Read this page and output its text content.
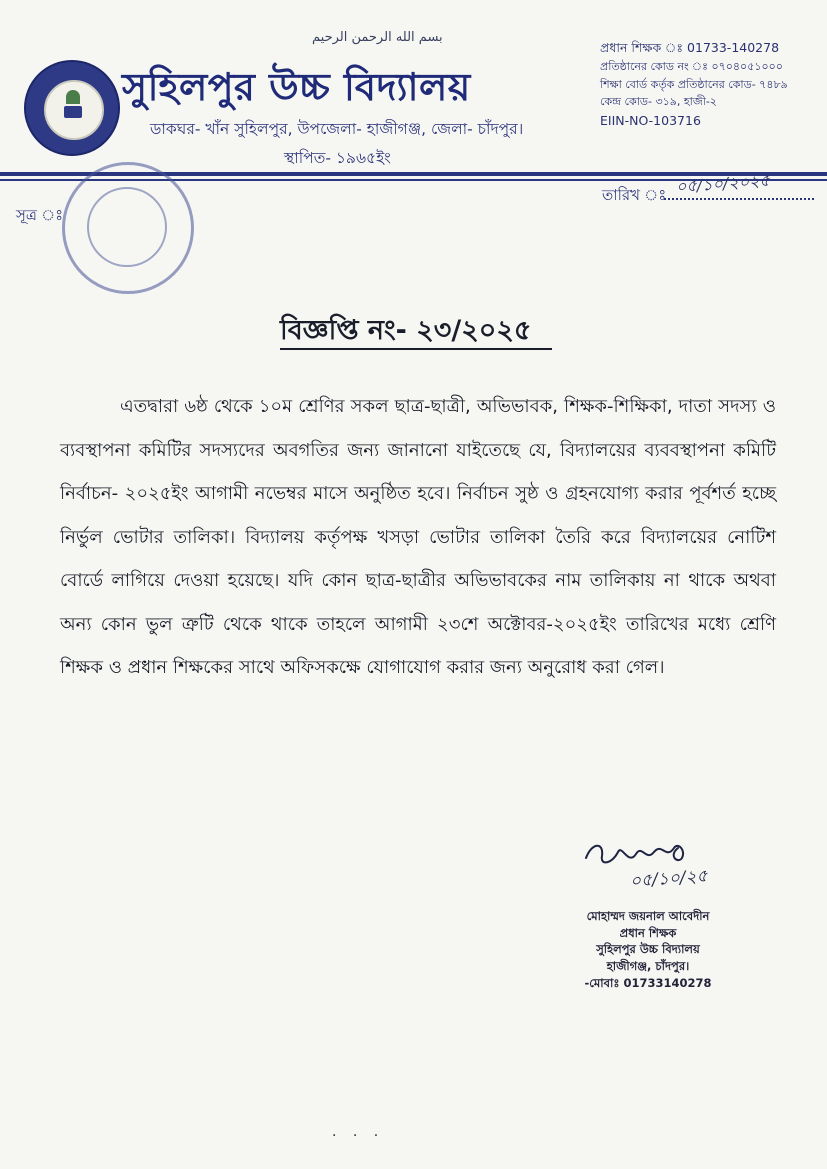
بسم الله الرحمن الرحيم
সুহিলপুর উচ্চ বিদ্যালয়
ডাকঘর- খাঁন সুহিলপুর, উপজেলা- হাজীগঞ্জ, জেলা- চাঁদপুর।
স্থাপিত- ১৯৬৫ইং
প্রধান শিক্ষক ঃ 01733-140278
প্রতিষ্ঠানের কোড নং ঃ ০৭০৪০৫১০০০
শিক্ষা বোর্ড কর্তৃক প্রতিষ্ঠানের কোড- ৭৪৮৯
কেন্দ্র কোড- ৩১৯, হাজী-২
EIIN-NO-103716
সূত্র ঃ
তারিখ ঃ ০৫/১০/২০২৫
বিজ্ঞপ্তি নং- ২৩/২০২৫
এতদ্বারা ৬ষ্ঠ থেকে ১০ম শ্রেণির সকল ছাত্র-ছাত্রী, অভিভাবক, শিক্ষক-শিক্ষিকা, দাতা সদস্য ও ব্যবস্থাপনা কমিটির সদস্যদের অবগতির জন্য জানানো যাইতেছে যে, বিদ্যালয়ের ব্যববস্থাপনা কমিটি নির্বাচন- ২০২৫ইং আগামী নভেম্বর মাসে অনুষ্ঠিত হবে। নির্বাচন সুষ্ঠ ও গ্রহনযোগ্য করার পূর্বশর্ত হচ্ছে নির্ভুল ভোটার তালিকা। বিদ্যালয় কর্তৃপক্ষ খসড়া ভোটার তালিকা তৈরি করে বিদ্যালয়ের নোটিশ বোর্ডে লাগিয়ে দেওয়া হয়েছে। যদি কোন ছাত্র-ছাত্রীর অভিভাবকের নাম তালিকায় না থাকে অথবা অন্য কোন ভুল ত্রুটি থেকে থাকে তাহলে আগামী ২৩শে অক্টোবর-২০২৫ইং তারিখের মধ্যে শ্রেণি শিক্ষক ও প্রধান শিক্ষকের সাথে অফিসকক্ষে যোগাযোগ করার জন্য অনুরোধ করা গেল।
০৫/১০/২৫
মোহাম্মদ জয়নাল আবেদীন
প্রধান শিক্ষক
সুহিলপুর উচ্চ বিদ্যালয়
হাজীগঞ্জ, চাঁদপুর।
-মোবাঃ 01733140278
· · ·
